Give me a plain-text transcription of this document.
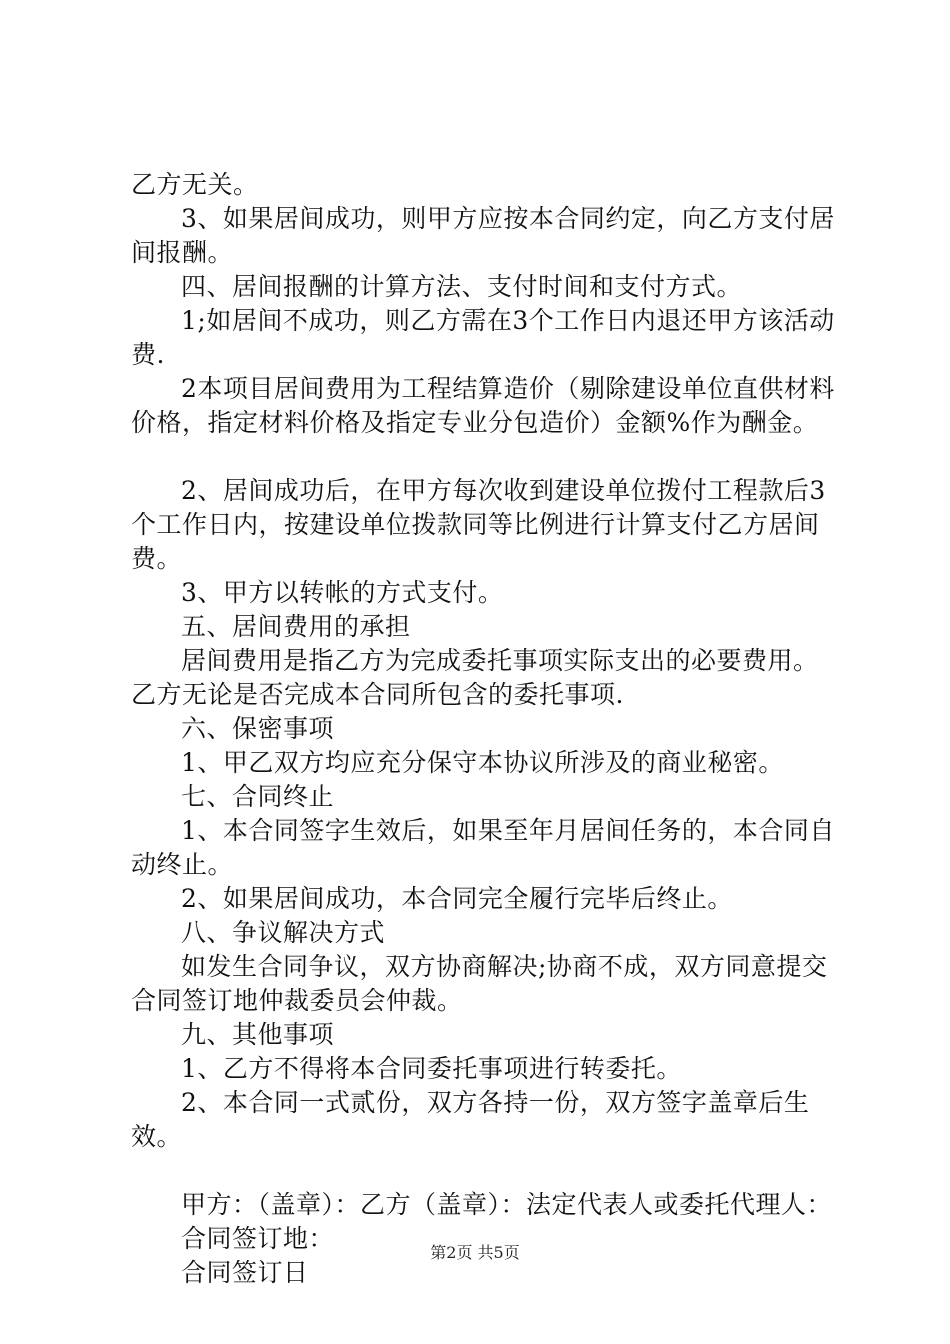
乙方无关。

3、如果居间成功，则甲方应按本合同约定，向乙方支付居间报酬。

四、居间报酬的计算方法、支付时间和支付方式。

1;如居间不成功，则乙方需在3个工作日内退还甲方该活动费.

2本项目居间费用为工程结算造价（剔除建设单位直供材料价格，指定材料价格及指定专业分包造价）金额%作为酬金。

2、居间成功后，在甲方每次收到建设单位拨付工程款后3个工作日内，按建设单位拨款同等比例进行计算支付乙方居间费。

3、甲方以转帐的方式支付。

五、居间费用的承担

居间费用是指乙方为完成委托事项实际支出的必要费用。乙方无论是否完成本合同所包含的委托事项.

六、保密事项

1、甲乙双方均应充分保守本协议所涉及的商业秘密。

七、合同终止

1、本合同签字生效后，如果至年月居间任务的，本合同自动终止。

2、如果居间成功，本合同完全履行完毕后终止。

八、争议解决方式

如发生合同争议，双方协商解决;协商不成，双方同意提交合同签订地仲裁委员会仲裁。

九、其他事项

1、乙方不得将本合同委托事项进行转委托。

2、本合同一式贰份，双方各持一份，双方签字盖章后生效。

甲方：（盖章）：乙方（盖章）：法定代表人或委托代理人：

合同签订地：

合同签订日

第2页 共5页
